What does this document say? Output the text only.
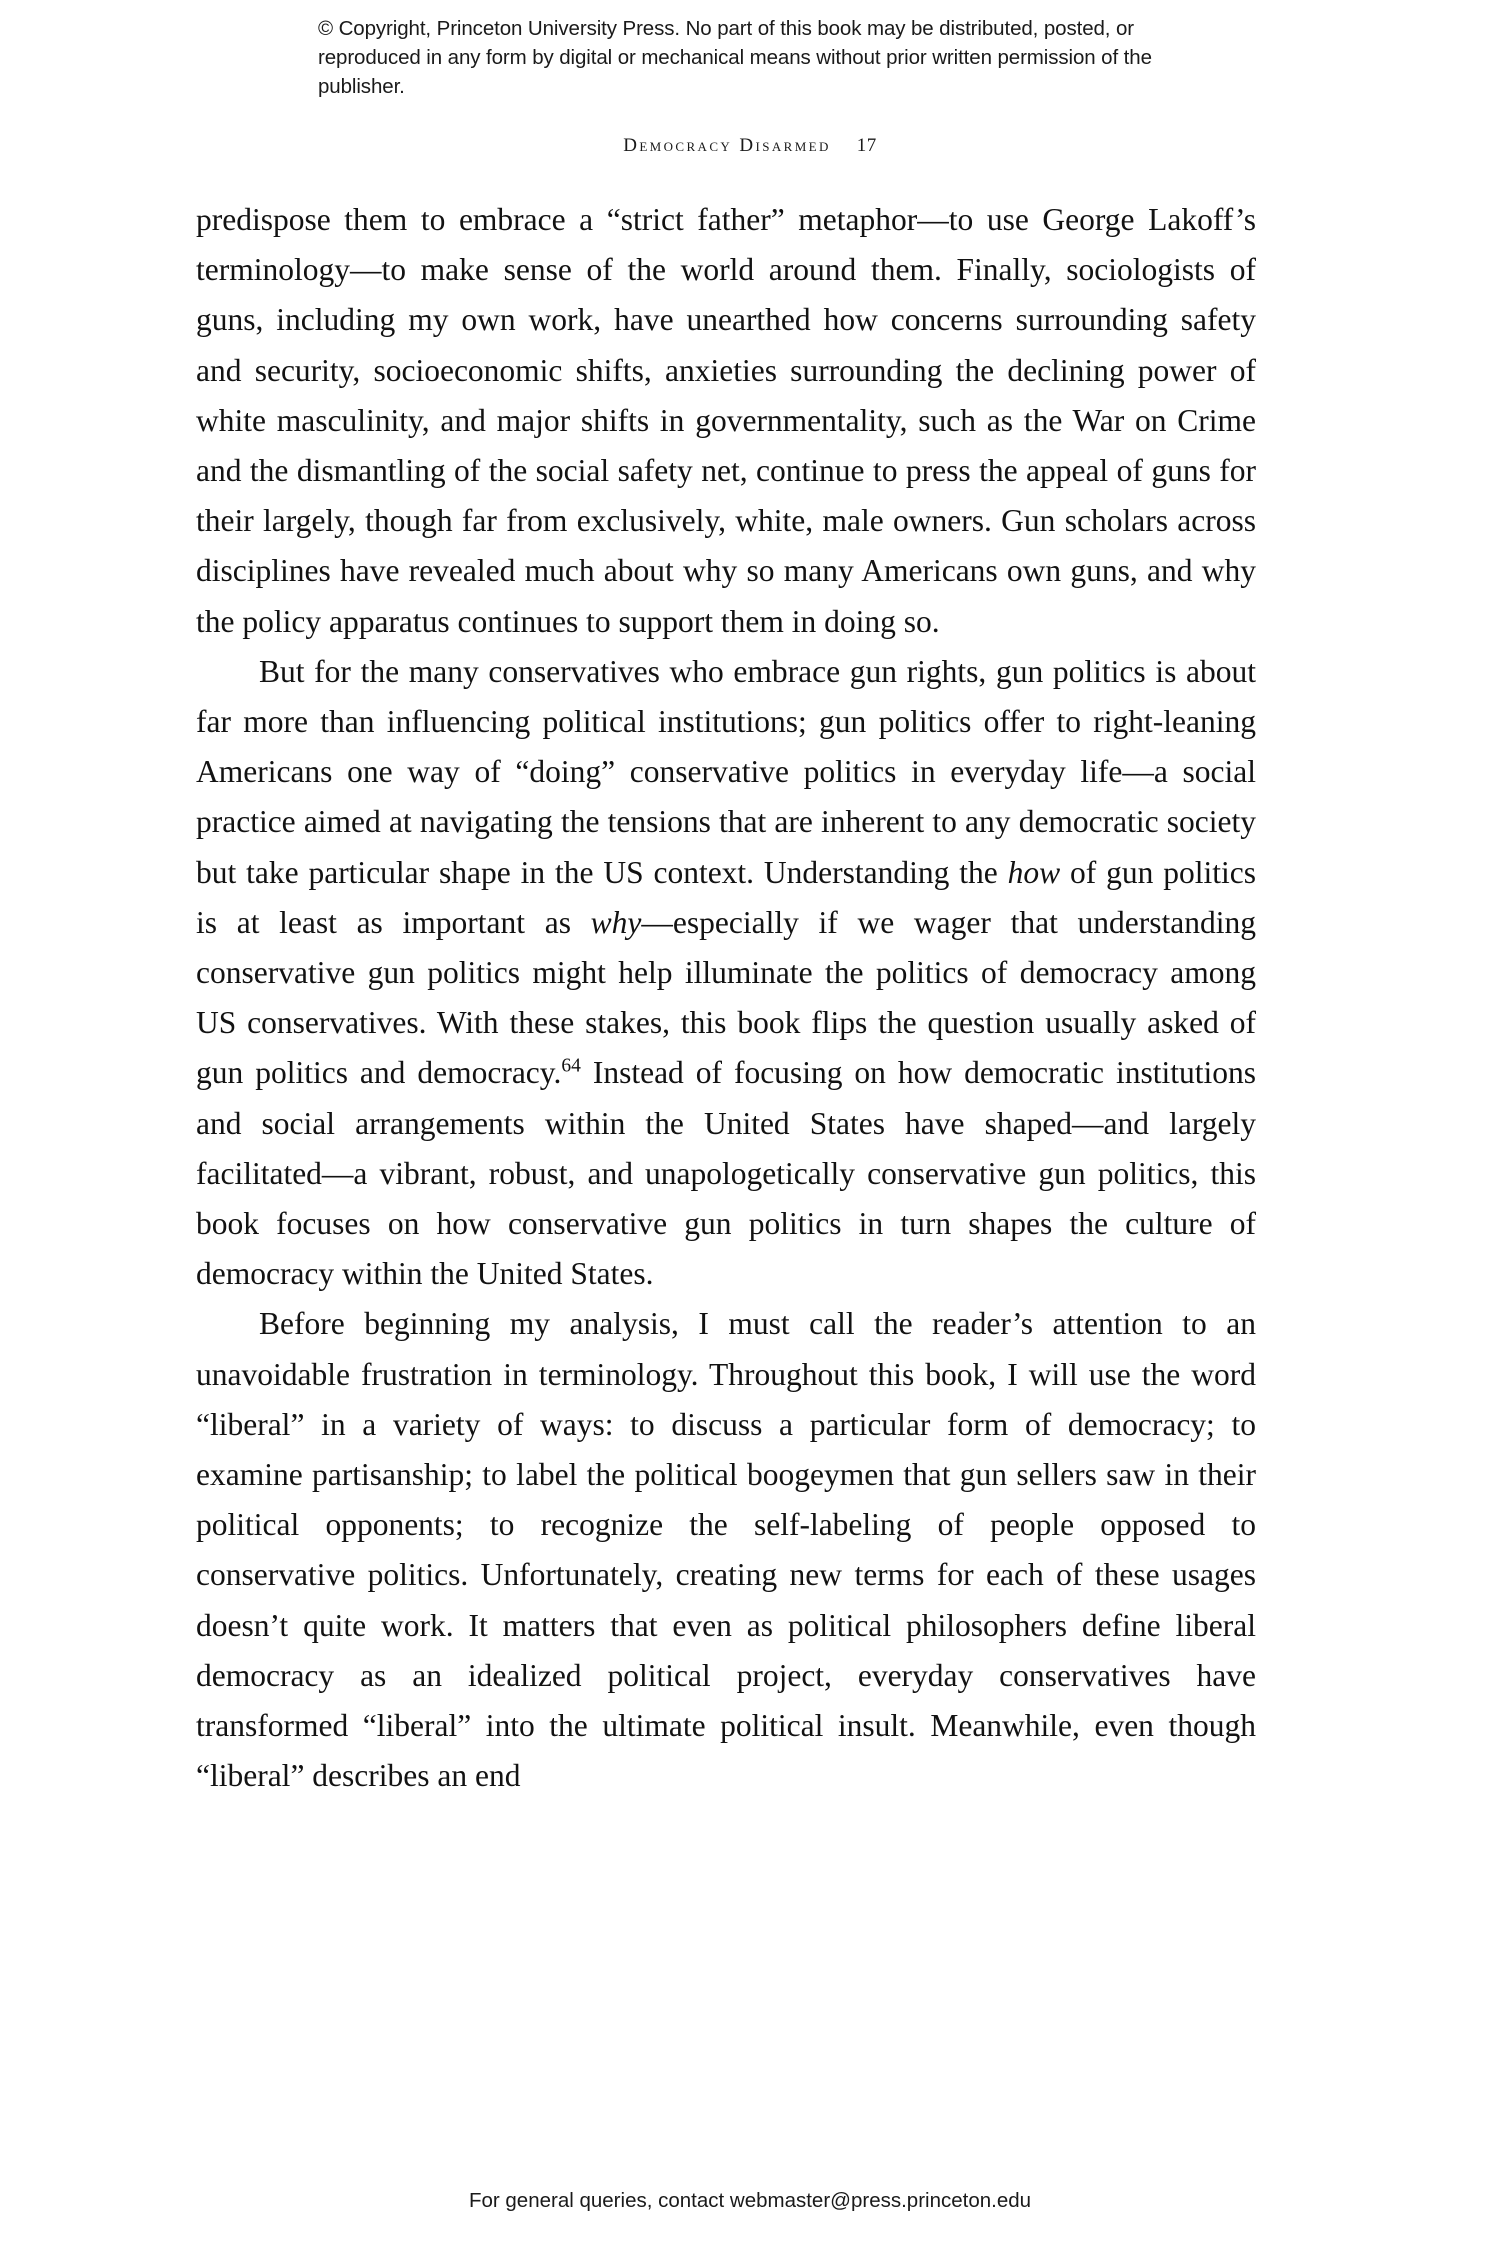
© Copyright, Princeton University Press. No part of this book may be distributed, posted, or reproduced in any form by digital or mechanical means without prior written permission of the publisher.
Democracy Disarmed 17

predispose them to embrace a “strict father” metaphor—to use George Lakoff’s terminology—to make sense of the world around them. Finally, sociologists of guns, including my own work, have unearthed how concerns surrounding safety and security, socioeconomic shifts, anxieties surrounding the declining power of white masculinity, and major shifts in governmentality, such as the War on Crime and the dismantling of the social safety net, continue to press the appeal of guns for their largely, though far from exclusively, white, male owners. Gun scholars across disciplines have revealed much about why so many Americans own guns, and why the policy apparatus continues to support them in doing so.

But for the many conservatives who embrace gun rights, gun politics is about far more than influencing political institutions; gun politics offer to right-leaning Americans one way of “doing” conservative politics in everyday life—a social practice aimed at navigating the tensions that are inherent to any democratic society but take particular shape in the US context. Understanding the how of gun politics is at least as important as why—especially if we wager that understanding conservative gun politics might help illuminate the politics of democracy among US conservatives. With these stakes, this book flips the question usually asked of gun politics and democracy.$^{64}$ Instead of focusing on how democratic institutions and social arrangements within the United States have shaped—and largely facilitated—a vibrant, robust, and unapologetically conservative gun politics, this book focuses on how conservative gun politics in turn shapes the culture of democracy within the United States.

Before beginning my analysis, I must call the reader’s attention to an unavoidable frustration in terminology. Throughout this book, I will use the word “liberal” in a variety of ways: to discuss a particular form of democracy; to examine partisanship; to label the political boogeymen that gun sellers saw in their political opponents; to recognize the self-labeling of people opposed to conservative politics. Unfortunately, creating new terms for each of these usages doesn’t quite work. It matters that even as political philosophers define liberal democracy as an idealized political project, everyday conservatives have transformed “liberal” into the ultimate political insult. Meanwhile, even though “liberal” describes an end

For general queries, contact webmaster@press.princeton.edu
